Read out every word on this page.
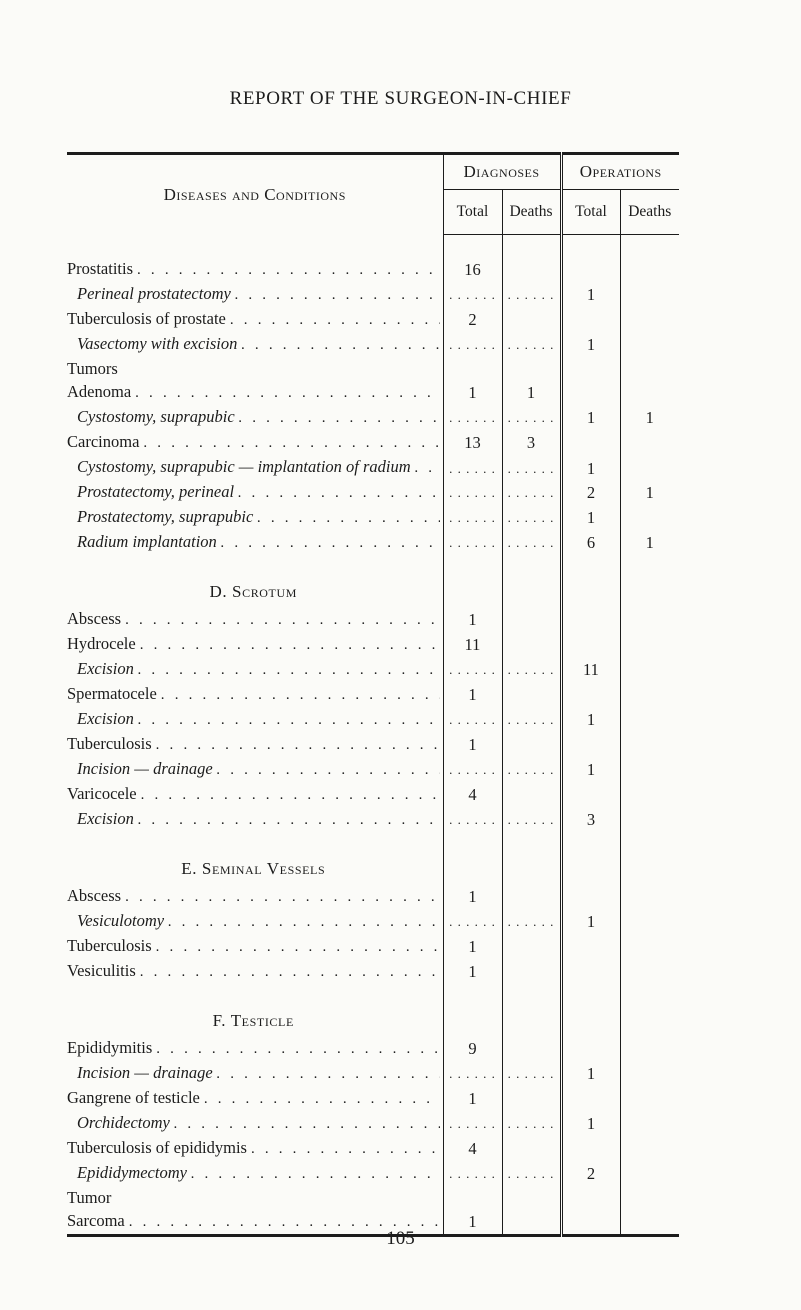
REPORT OF THE SURGEON-IN-CHIEF
Diseases and Conditions	Diagnoses		Operations	
	Total	Deaths	Total	Deaths

Prostatitis
. . .	16			

Perineal prostatectomy
. . .	. . . . . .	. . . . . .	1	

Tuberculosis of prostate
. . .	2			

Vasectomy with excision
. . .	. . . . . .	. . . . . .	1	
Tumors				

Adenoma
. . .	1	1		

Cystostomy, suprapubic
. . .	. . . . . .	. . . . . .	1	1

Carcinoma
. . .	13	3		

Cystostomy, suprapubic — implantation of radium
. . .	. . . . . .	. . . . . .	1	

Prostatectomy, perineal
. . .	. . . . . .	. . . . . .	2	1

Prostatectomy, suprapubic
. . .	. . . . . .	. . . . . .	1	

Radium implantation
. . .	. . . . . .	. . . . . .	6	1

D. Scrotum				

Abscess
. . .	1			

Hydrocele
. . .	11			

Excision
. . .	. . . . . .	. . . . . .	11	

Spermatocele
. . .	1			

Excision
. . .	. . . . . .	. . . . . .	1	

Tuberculosis
. . .	1			

Incision — drainage
. . .	. . . . . .	. . . . . .	1	

Varicocele
. . .	4			

Excision
. . .	. . . . . .	. . . . . .	3	

E. Seminal Vessels				

Abscess
. . .	1			

Vesiculotomy
. . .	. . . . . .	. . . . . .	1	

Tuberculosis
. . .	1			

Vesiculitis
. . .	1			

F. Testicle				

Epididymitis
. . .	9			

Incision — drainage
. . .	. . . . . .	. . . . . .	1	

Gangrene of testicle
. . .	1			

Orchidectomy
. . .	. . . . . .	. . . . . .	1	

Tuberculosis of epididymis
. . .	4			

Epididymectomy
. . .	. . . . . .	. . . . . .	2	
Tumor				

Sarcoma
. . .	1			
105
